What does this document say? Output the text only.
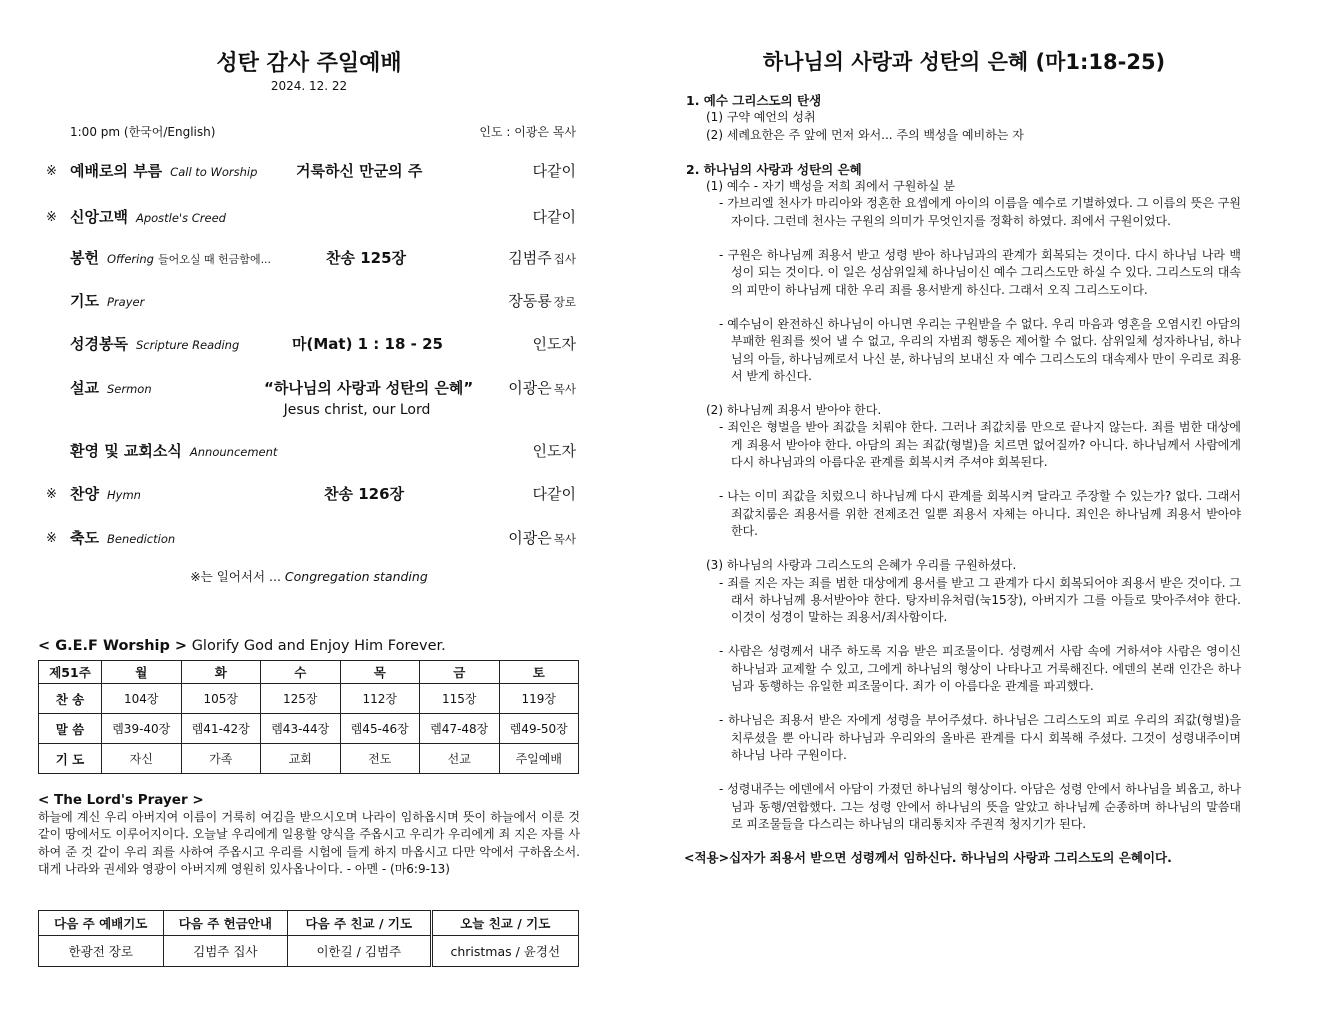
성탄 감사 주일예배
2024. 12. 22
1:00 pm (한국어/English)	인도 : 이광은 목사
※ 예배로의 부름 Call to Worship	거룩하신 만군의 주	다같이
※ 신앙고백 Apostle's Creed	다같이
봉헌 Offering 들어오실 때 헌금함에...	찬송 125장	김범주 집사
기도 Prayer	장동룡 장로
성경봉독 Scripture Reading	마(Mat) 1 : 18 - 25	인도자
설교 Sermon	“하나님의 사랑과 성탄의 은혜” 이광은 목사
Jesus christ, our Lord
환영 및 교회소식 Announcement	인도자
※ 찬양 Hymn	찬송 126장	다같이
※ 축도 Benediction	이광은 목사
※는 일어서서 ... Congregation standing
< G.E.F Worship > Glorify God and Enjoy Him Forever.
제51주	월	화	수	목	금	토
찬 송	104장	105장	125장	112장	115장	119장
말 씀	렘39-40장	렘41-42장	렘43-44장	렘45-46장	렘47-48장	렘49-50장
기 도	자신	가족	교회	전도	선교	주일예배
< The Lord's Prayer >
하늘에 계신 우리 아버지여 이름이 거룩히 여김을 받으시오며 나라이 임하옵시며 뜻이 하늘에서 이룬 것 같이 땅에서도 이루어지이다. 오늘날 우리에게 일용할 양식을 주옵시고 우리가 우리에게 죄 지은 자를 사하여 준 것 같이 우리 죄를 사하여 주옵시고 우리를 시험에 들게 하지 마옵시고 다만 악에서 구하옵소서. 대게 나라와 권세와 영광이 아버지께 영원히 있사옵나이다. - 아멘 - (마6:9-13)
다음 주 예배기도	다음 주 헌금안내	다음 주 친교 / 기도	오늘 친교 / 기도
한광전 장로	김범주 집사	이한길 / 김범주	christmas / 윤경선
하나님의 사랑과 성탄의 은혜 (마1:18-25)
1. 예수 그리스도의 탄생
(1) 구약 예언의 성취
(2) 세례요한은 주 앞에 먼저 와서... 주의 백성을 예비하는 자
2. 하나님의 사랑과 성탄의 은혜
(1) 예수 - 자기 백성을 저희 죄에서 구원하실 분
- 가브리엘 천사가 마리아와 정혼한 요셉에게 아이의 이름을 예수로 기별하였다. 그 이름의 뜻은 구원자이다. 그런데 천사는 구원의 의미가 무엇인지를 정확히 하였다. 죄에서 구원이었다.
- 구원은 하나님께 죄용서 받고 성령 받아 하나님과의 관계가 회복되는 것이다. 다시 하나님 나라 백성이 되는 것이다. 이 일은 성삼위일체 하나님이신 예수 그리스도만 하실 수 있다. 그리스도의 대속의 피만이 하나님께 대한 우리 죄를 용서받게 하신다. 그래서 오직 그리스도이다.
- 예수님이 완전하신 하나님이 아니면 우리는 구원받을 수 없다. 우리 마음과 영혼을 오염시킨 아담의 부패한 원죄를 씻어 낼 수 없고, 우리의 자범죄 행동은 제어할 수 없다. 삼위일체 성자하나님, 하나님의 아들, 하나님께로서 나신 분, 하나님의 보내신 자 예수 그리스도의 대속제사 만이 우리로 죄용서 받게 하신다.
(2) 하나님께 죄용서 받아야 한다.
- 죄인은 형벌을 받아 죄값을 치뤄야 한다. 그러나 죄값치룸 만으로 끝나지 않는다. 죄를 범한 대상에게 죄용서 받아야 한다. 아담의 죄는 죄값(형벌)을 치르면 없어질까? 아니다. 하나님께서 사람에게 다시 하나님과의 아름다운 관계를 회복시켜 주셔야 회복된다.
- 나는 이미 죄값을 치렀으니 하나님께 다시 관계를 회복시켜 달라고 주장할 수 있는가? 없다. 그래서 죄값치룸은 죄용서를 위한 전제조건 일뿐 죄용서 자체는 아니다. 죄인은 하나님께 죄용서 받아야 한다.
(3) 하나님의 사랑과 그리스도의 은혜가 우리를 구원하셨다.
- 죄를 지은 자는 죄를 범한 대상에게 용서를 받고 그 관계가 다시 회복되어야 죄용서 받은 것이다. 그래서 하나님께 용서받아야 한다. 탕자비유처럼(눅15장), 아버지가 그를 아들로 맞아주셔야 한다. 이것이 성경이 말하는 죄용서/죄사함이다.
- 사람은 성령께서 내주 하도록 지음 받은 피조물이다. 성령께서 사람 속에 거하셔야 사람은 영이신 하나님과 교제할 수 있고, 그에게 하나님의 형상이 나타나고 거룩해진다. 에덴의 본래 인간은 하나님과 동행하는 유일한 피조물이다. 죄가 이 아름다운 관계를 파괴했다.
- 하나님은 죄용서 받은 자에게 성령을 부어주셨다. 하나님은 그리스도의 피로 우리의 죄값(형벌)을 치루셨을 뿐 아니라 하나님과 우리와의 올바른 관계를 다시 회복해 주셨다. 그것이 성령내주이며 하나님 나라 구원이다.
- 성령내주는 에덴에서 아담이 가졌던 하나님의 형상이다. 아담은 성령 안에서 하나님을 뵈옵고, 하나님과 동행/연합했다. 그는 성령 안에서 하나님의 뜻을 알았고 하나님께 순종하며 하나님의 말씀대로 피조물들을 다스리는 하나님의 대리통치자 주권적 청지기가 된다.
<적용>십자가 죄용서 받으면 성령께서 임하신다. 하나님의 사랑과 그리스도의 은혜이다.
